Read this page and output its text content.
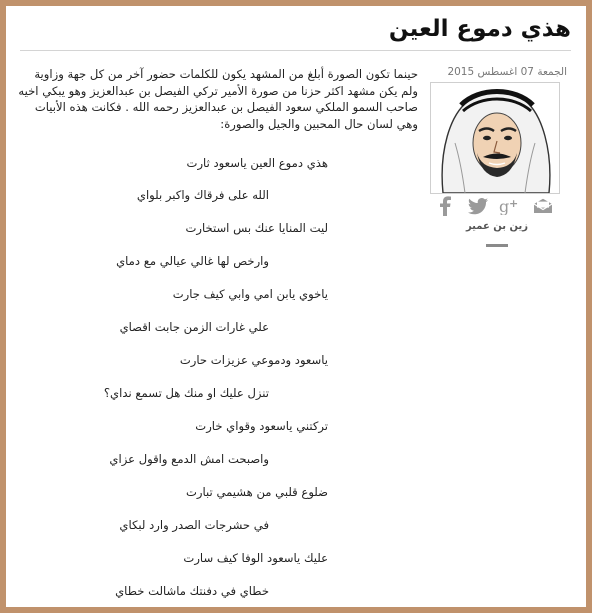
هذي دموع العين
الجمعة 07 اغسطس 2015
g +
زين بن عمير

حينما تكون الصورة أبلغ من المشهد يكون للكلمات حضور آخر من كل جهة وزاوية ولم يكن مشهد اكثر حزنا من صورة الأمير تركي الفيصل بن عبدالعزيز وهو يبكي اخيه صاحب السمو الملكي سعود الفيصل بن عبدالعزيز رحمه الله . فكانت هذه الأبيات وهي لسان حال المحبين والجيل والصورة:

هذي دموع العين ياسعود ثارت
الله على فرقاك واكبر بلواي
ليت المنايا عنك بس استخارت
وارخص لها غالي عيالي مع دماي
ياخوي يابن امي وابي كيف جارت
علي غارات الزمن جابت اقصاي
ياسعود ودموعي عزيزات حارت
تنزل عليك او منك هل تسمع نداي؟
تركتني ياسعود وقواي خارت
واصبحت امش الدمع واقول عزاي
ضلوع قلبي من هشيمي تبارت
في حشرجات الصدر وارد لبكاي
عليك ياسعود الوفا كيف سارت
خطاي في دفنتك ماشالت خطاي
